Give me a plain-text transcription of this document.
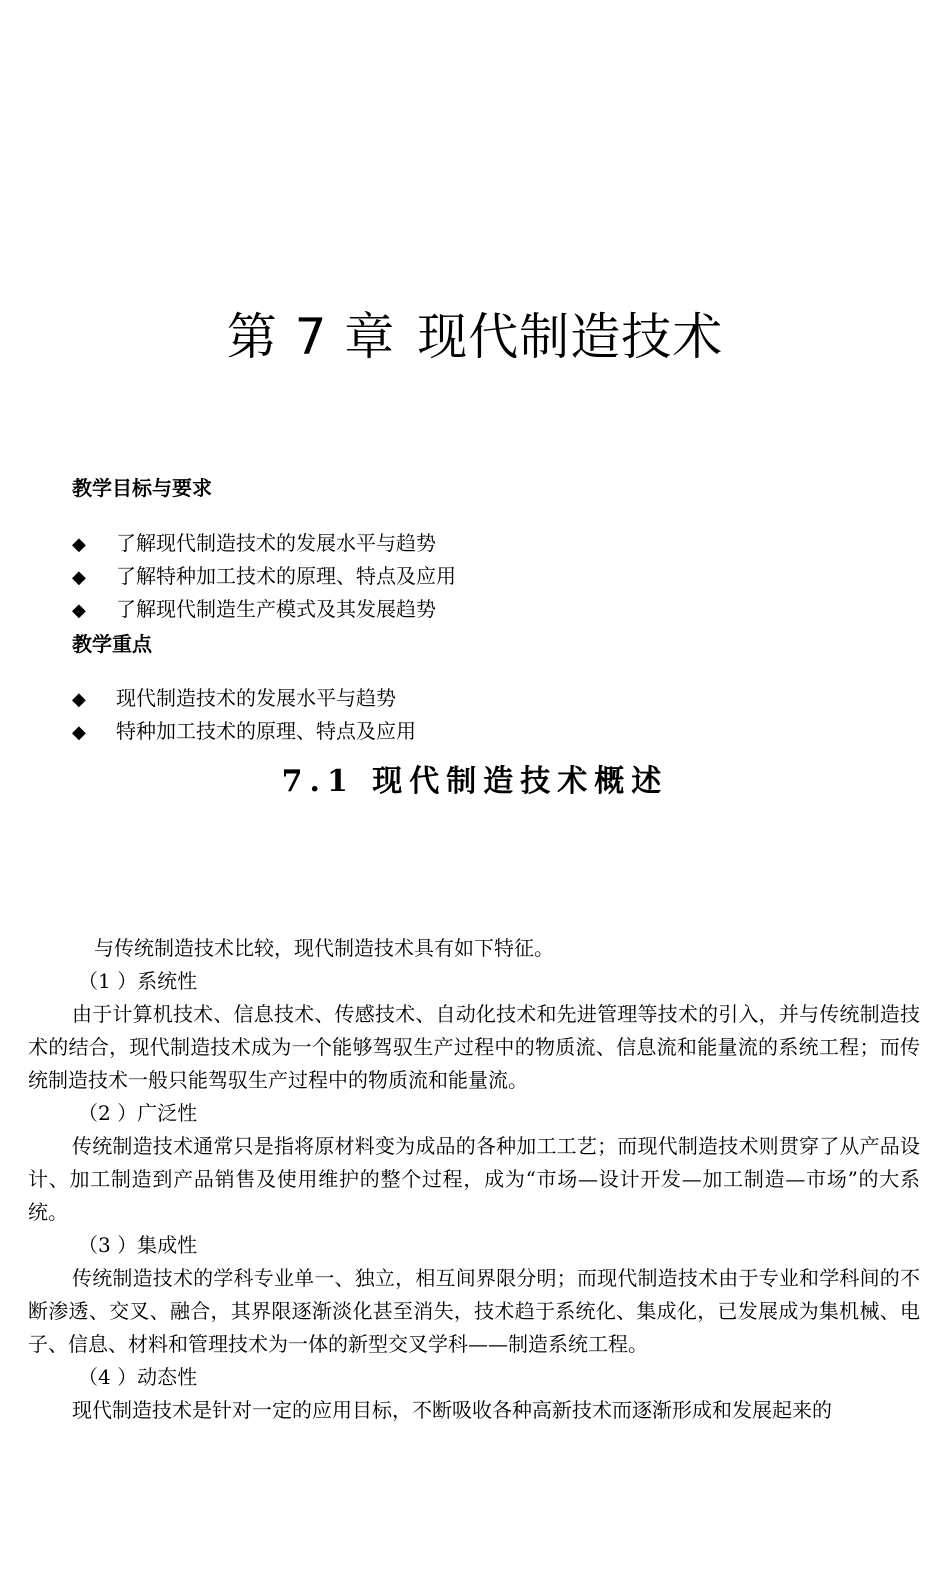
第 7 章 现代制造技术
教学目标与要求
◆ 了解现代制造技术的发展水平与趋势
◆ 了解特种加工技术的原理、特点及应用
◆ 了解现代制造生产模式及其发展趋势
教学重点
◆ 现代制造技术的发展水平与趋势
◆ 特种加工技术的原理、特点及应用
7.1 现代制造技术概述

与传统制造技术比较，现代制造技术具有如下特征。

（1 ）系统性

由于计算机技术、信息技术、传感技术、自动化技术和先进管理等技术的引入，并与传统制造技术的结合，现代制造技术成为一个能够驾驭生产过程中的物质流、信息流和能量流的系统工程；而传统制造技术一般只能驾驭生产过程中的物质流和能量流。

（2 ）广泛性

传统制造技术通常只是指将原材料变为成品的各种加工工艺；而现代制造技术则贯穿了从产品设计、加工制造到产品销售及使用维护的整个过程，成为“市场—设计开发—加工制造—市场”的大系统。

（3 ）集成性

传统制造技术的学科专业单一、独立，相互间界限分明；而现代制造技术由于专业和学科间的不断渗透、交叉、融合，其界限逐渐淡化甚至消失，技术趋于系统化、集成化，已发展成为集机械、电子、信息、材料和管理技术为一体的新型交叉学科——制造系统工程。

（4 ）动态性

现代制造技术是针对一定的应用目标，不断吸收各种高新技术而逐渐形成和发展起来的
